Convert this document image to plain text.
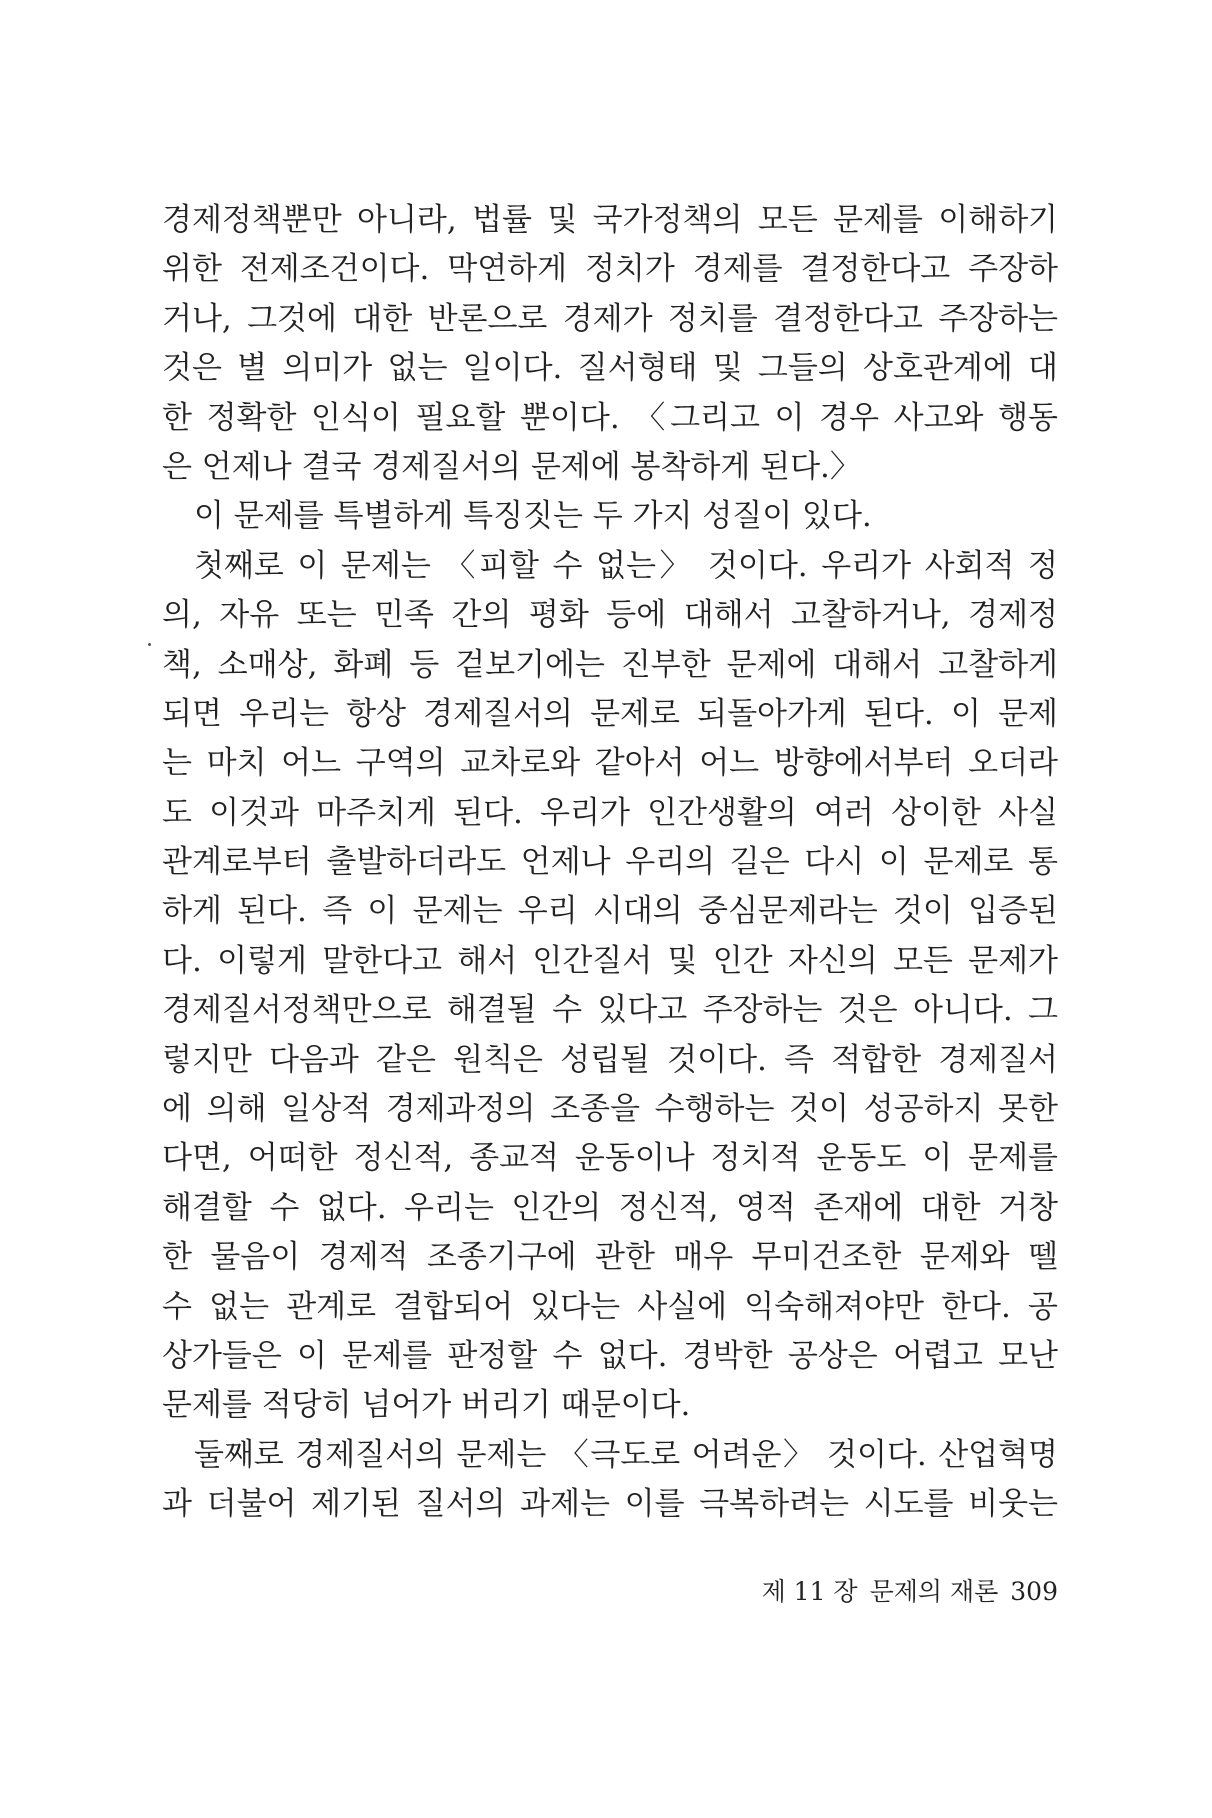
경제정책뿐만 아니라, 법률 및 국가정책의 모든 문제를 이해하기
위한 전제조건이다. 막연하게 정치가 경제를 결정한다고 주장하
거나, 그것에 대한 반론으로 경제가 정치를 결정한다고 주장하는
것은 별 의미가 없는 일이다. 질서형태 및 그들의 상호관계에 대
한 정확한 인식이 필요할 뿐이다. 〈그리고 이 경우 사고와 행동
은 언제나 결국 경제질서의 문제에 봉착하게 된다.〉
이 문제를 특별하게 특징짓는 두 가지 성질이 있다.
첫째로 이 문제는 〈피할 수 없는〉 것이다. 우리가 사회적 정
의, 자유 또는 민족 간의 평화 등에 대해서 고찰하거나, 경제정
책, 소매상, 화폐 등 겉보기에는 진부한 문제에 대해서 고찰하게
되면 우리는 항상 경제질서의 문제로 되돌아가게 된다. 이 문제
는 마치 어느 구역의 교차로와 같아서 어느 방향에서부터 오더라
도 이것과 마주치게 된다. 우리가 인간생활의 여러 상이한 사실
관계로부터 출발하더라도 언제나 우리의 길은 다시 이 문제로 통
하게 된다. 즉 이 문제는 우리 시대의 중심문제라는 것이 입증된
다. 이렇게 말한다고 해서 인간질서 및 인간 자신의 모든 문제가
경제질서정책만으로 해결될 수 있다고 주장하는 것은 아니다. 그
렇지만 다음과 같은 원칙은 성립될 것이다. 즉 적합한 경제질서
에 의해 일상적 경제과정의 조종을 수행하는 것이 성공하지 못한
다면, 어떠한 정신적, 종교적 운동이나 정치적 운동도 이 문제를
해결할 수 없다. 우리는 인간의 정신적, 영적 존재에 대한 거창
한 물음이 경제적 조종기구에 관한 매우 무미건조한 문제와 뗄
수 없는 관계로 결합되어 있다는 사실에 익숙해져야만 한다. 공
상가들은 이 문제를 판정할 수 없다. 경박한 공상은 어렵고 모난
문제를 적당히 넘어가 버리기 때문이다.
둘째로 경제질서의 문제는 〈극도로 어려운〉 것이다. 산업혁명
과 더불어 제기된 질서의 과제는 이를 극복하려는 시도를 비웃는
제 11 장 문제의 재론 309
